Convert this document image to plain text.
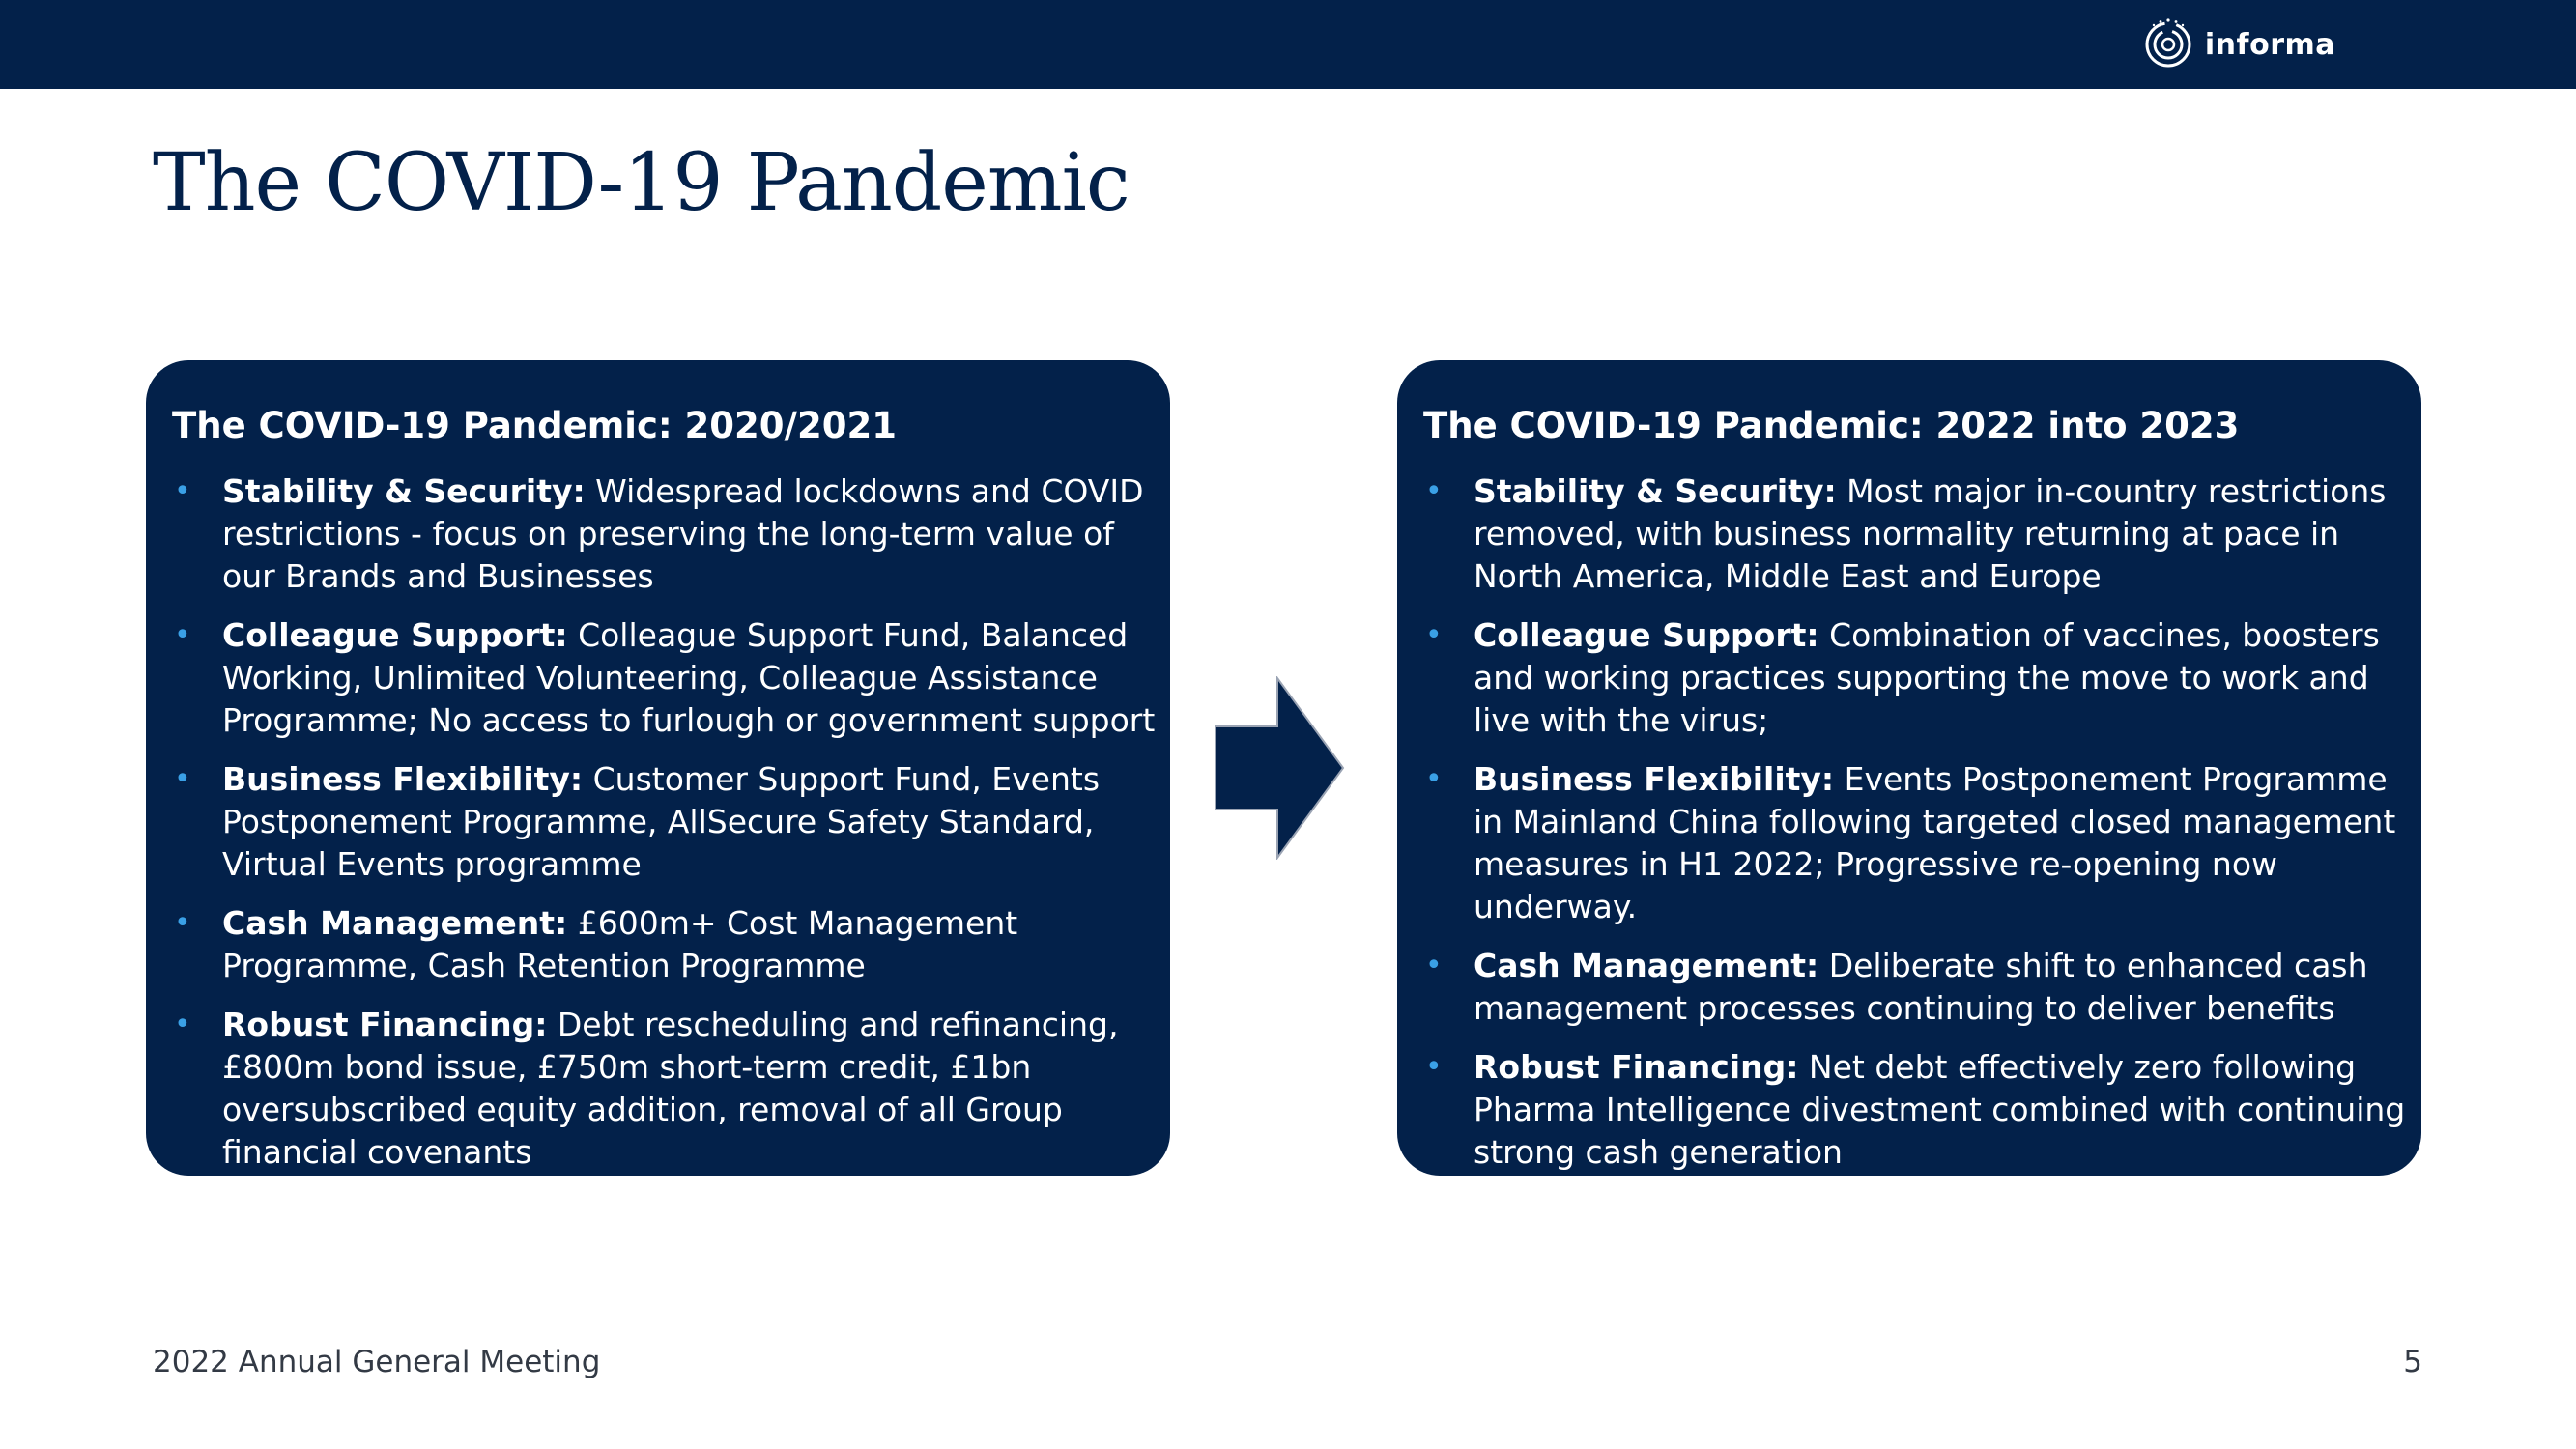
informa
The COVID-19 Pandemic
The COVID-19 Pandemic: 2020/2021
• Stability & Security: Widespread lockdowns and COVID restrictions - focus on preserving the long-term value of our Brands and Businesses
• Colleague Support: Colleague Support Fund, Balanced Working, Unlimited Volunteering, Colleague Assistance Programme; No access to furlough or government support
• Business Flexibility: Customer Support Fund, Events Postponement Programme, AllSecure Safety Standard, Virtual Events programme
• Cash Management: £600m+ Cost Management Programme, Cash Retention Programme
• Robust Financing: Debt rescheduling and refinancing, £800m bond issue, £750m short-term credit, £1bn oversubscribed equity addition, removal of all Group financial covenants
The COVID-19 Pandemic: 2022 into 2023
• Stability & Security: Most major in-country restrictions removed, with business normality returning at pace in North America, Middle East and Europe
• Colleague Support: Combination of vaccines, boosters and working practices supporting the move to work and live with the virus;
• Business Flexibility: Events Postponement Programme in Mainland China following targeted closed management measures in H1 2022; Progressive re-opening now underway.
• Cash Management: Deliberate shift to enhanced cash management processes continuing to deliver benefits
• Robust Financing: Net debt effectively zero following Pharma Intelligence divestment combined with continuing strong cash generation
2022 Annual General Meeting	5
